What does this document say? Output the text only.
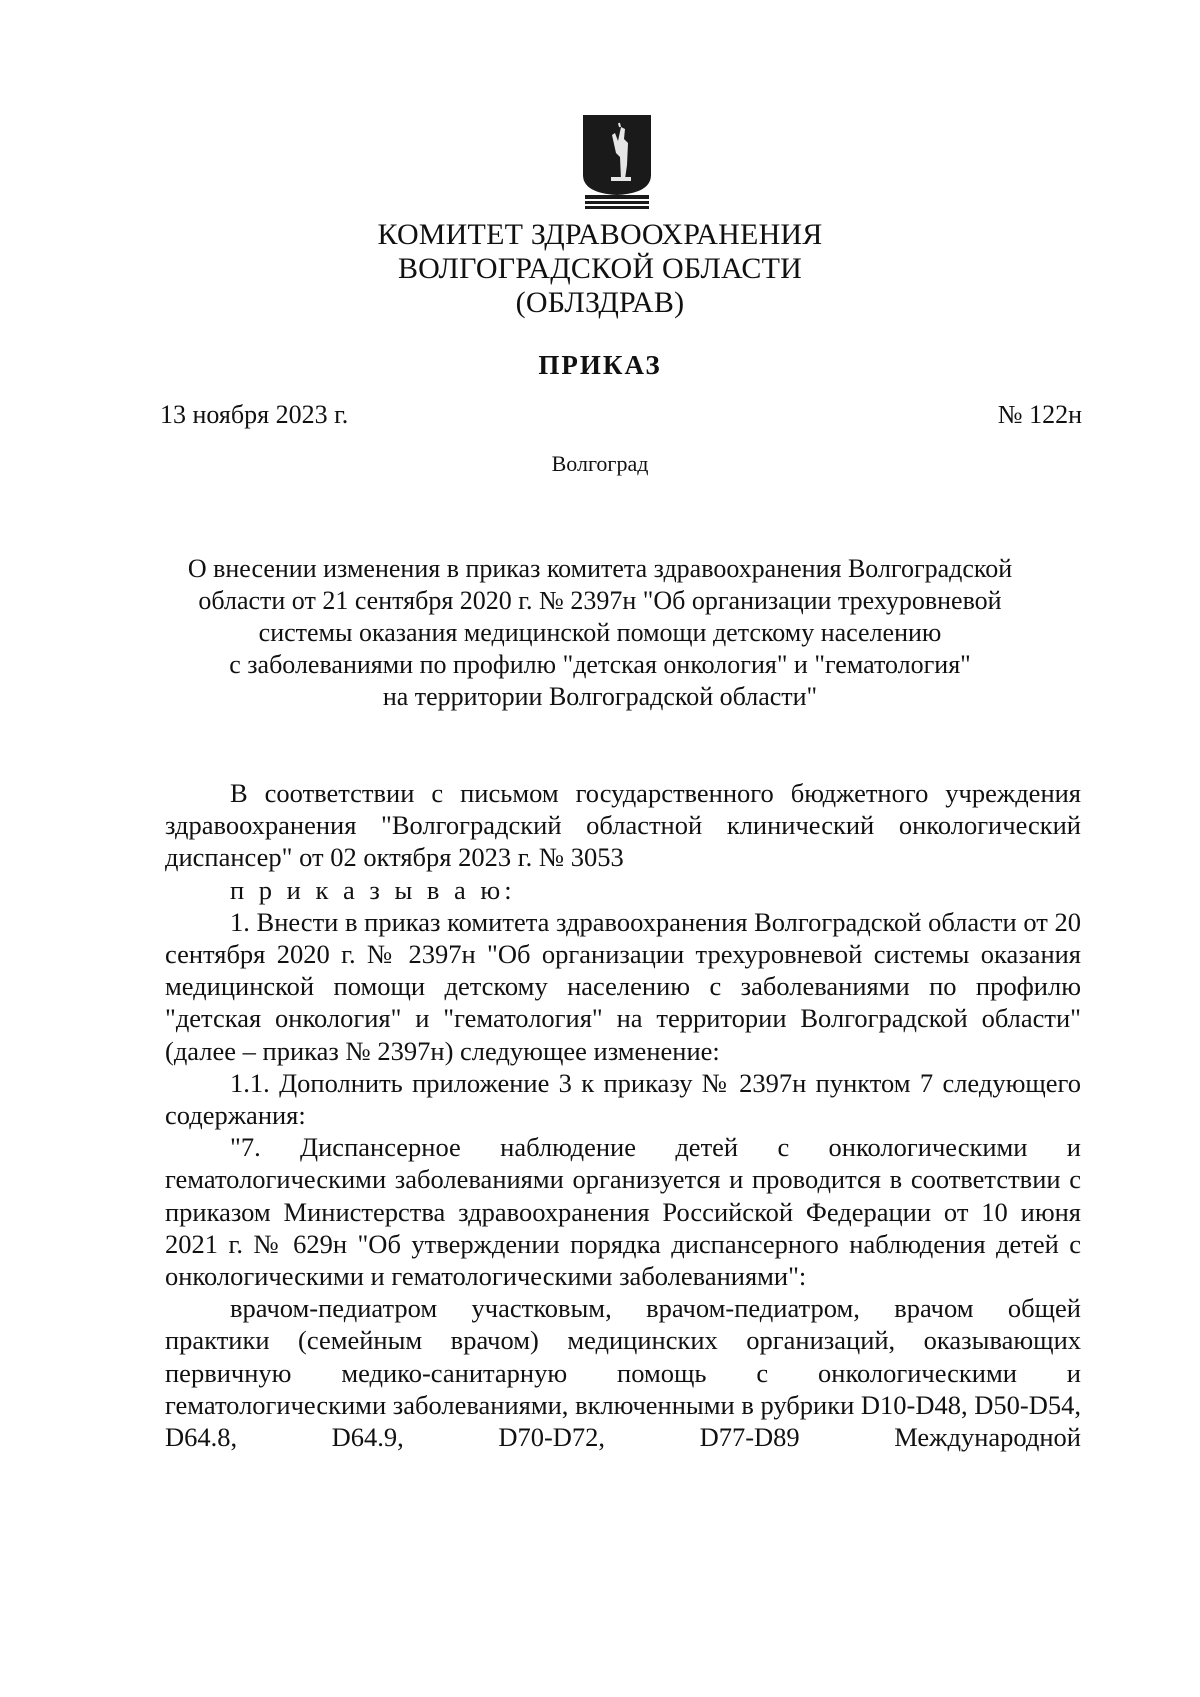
КОМИТЕТ ЗДРАВООХРАНЕНИЯ
ВОЛГОГРАДСКОЙ ОБЛАСТИ
(ОБЛЗДРАВ)
ПРИКАЗ
13 ноября 2023 г.	№ 122н
Волгоград
О внесении изменения в приказ комитета здравоохранения Волгоградской
области от 21 сентября 2020 г. № 2397н "Об организации трехуровневой
системы оказания медицинской помощи детскому населению
с заболеваниями по профилю "детская онкология" и "гематология"
на территории Волгоградской области"

В соответствии с письмом государственного бюджетного учреждения здравоохранения "Волгоградский областной клинический онкологический диспансер" от 02 октября 2023 г. № 3053

п р и к а з ы в а ю:

1. Внести в приказ комитета здравоохранения Волгоградской области от 20 сентября 2020 г. № 2397н "Об организации трехуровневой системы оказания медицинской помощи детскому населению с заболеваниями по профилю "детская онкология" и "гематология" на территории Волгоградской области" (далее – приказ № 2397н) следующее изменение:

1.1. Дополнить приложение 3 к приказу № 2397н пунктом 7 следующего содержания:

"7. Диспансерное наблюдение детей с онкологическими и гематологическими заболеваниями организуется и проводится в соответствии с приказом Министерства здравоохранения Российской Федерации от 10 июня 2021 г. № 629н "Об утверждении порядка диспансерного наблюдения детей с онкологическими и гематологическими заболеваниями":

врачом-педиатром участковым, врачом-педиатром, врачом общей практики (семейным врачом) медицинских организаций, оказывающих первичную медико-санитарную помощь с онкологическими и гематологическими заболеваниями, включенными в рубрики D10-D48, D50-D54, D64.8, D64.9, D70-D72, D77-D89 Международной
